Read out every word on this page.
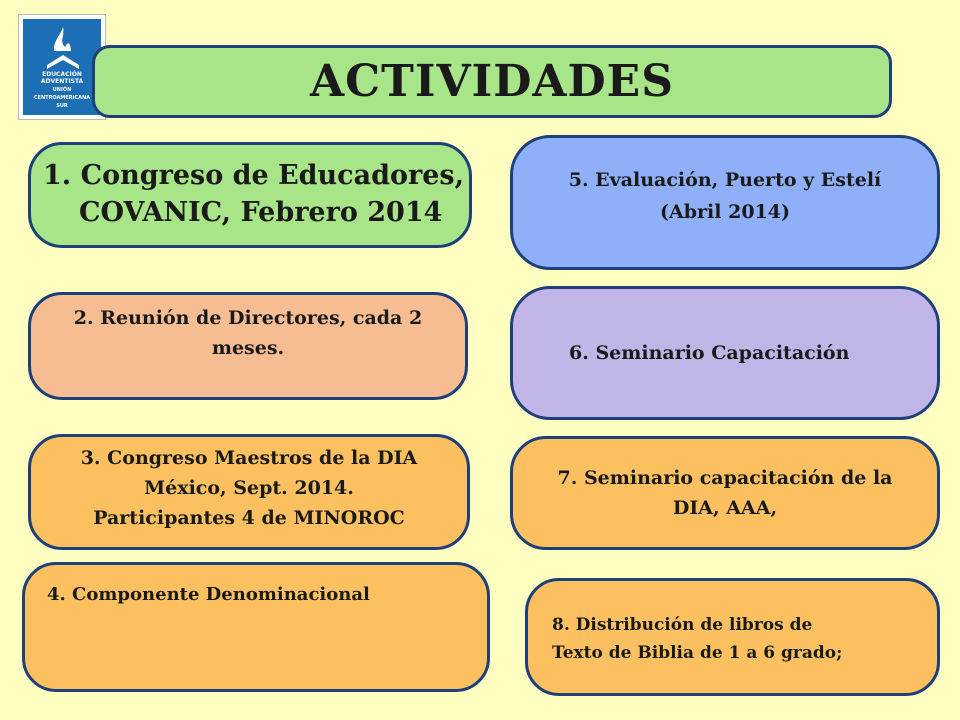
EDUCACIÓN
ADVENTISTA
UNIÓN
CENTROAMERICANA
SUR	ACTIVIDADES
1. Congreso de Educadores,
COVANIC, Febrero 2014
2. Reunión de Directores, cada 2
meses.
3. Congreso Maestros de la DIA
México, Sept. 2014.
Participantes 4 de MINOROC
4. Componente Denominacional
5. Evaluación, Puerto y Estelí
(Abril 2014)
6. Seminario Capacitación
7. Seminario capacitación de la
DIA, AAA,
8. Distribución de libros de
Texto de Biblia de 1 a 6 grado;
